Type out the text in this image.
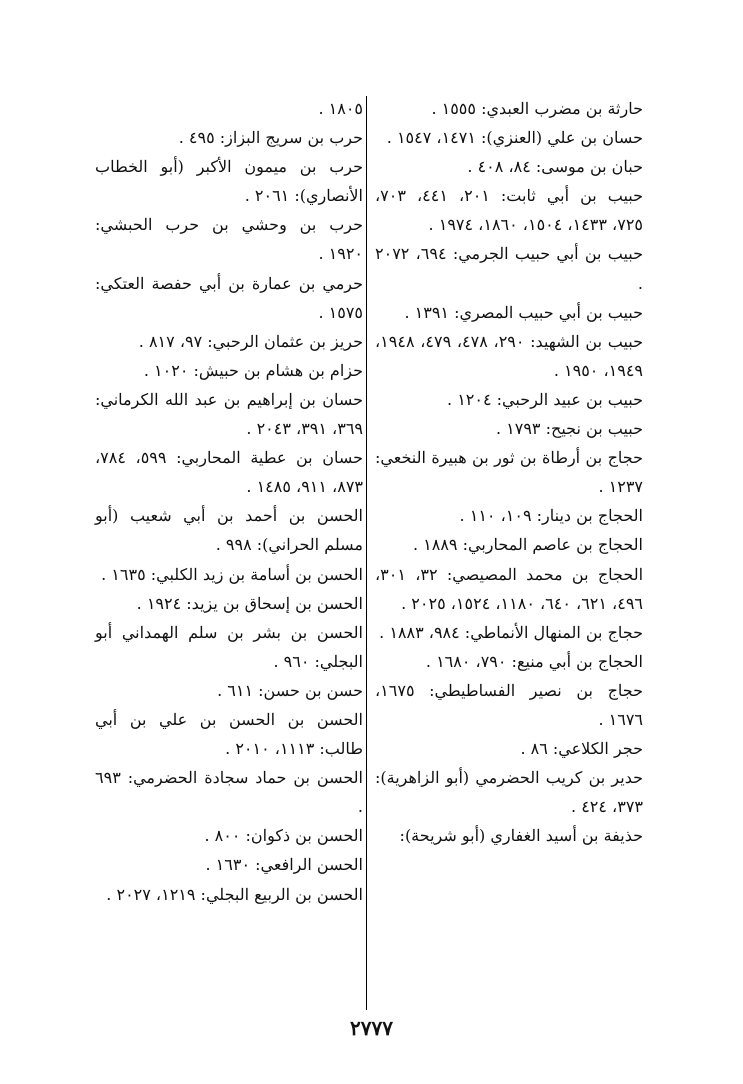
حارثة بن مضرب العبدي: ١٥٥٥ .

حسان بن علي (العنزي): ١٤٧١، ١٥٤٧ .

حبان بن موسى: ٨٤، ٤٠٨ .

حبيب بن أبي ثابت: ٢٠١، ٤٤١، ٧٠٣، ٧٢٥، ١٤٣٣، ١٥٠٤، ١٨٦٠، ١٩٧٤ .

حبيب بن أبي حبيب الجرمي: ٦٩٤، ٢٠٧٢ .

حبيب بن أبي حبيب المصري: ١٣٩١ .

حبيب بن الشهيد: ٢٩٠، ٤٧٨، ٤٧٩، ١٩٤٨، ١٩٤٩، ١٩٥٠ .

حبيب بن عبيد الرحبي: ١٢٠٤ .

حبيب بن نجيح: ١٧٩٣ .

حجاج بن أرطاة بن ثور بن هبيرة النخعي: ١٢٣٧ .

الحجاج بن دينار: ١٠٩، ١١٠ .

الحجاج بن عاصم المحاربي: ١٨٨٩ .

الحجاج بن محمد المصيصي: ٣٢، ٣٠١، ٤٩٦، ٦٢١، ٦٤٠، ١١٨٠، ١٥٢٤، ٢٠٢٥ .

حجاج بن المنهال الأنماطي: ٩٨٤، ١٨٨٣ .

الحجاج بن أبي منيع: ٧٩٠، ١٦٨٠ .

حجاج بن نصير الفساطيطي: ١٦٧٥، ١٦٧٦ .

حجر الكلاعي: ٨٦ .

حدير بن كريب الحضرمي (أبو الزاهرية): ٣٧٣، ٤٢٤ .

حذيفة بن أسيد الغفاري (أبو شريحة):

١٨٠٥ .

حرب بن سريج البزاز: ٤٩٥ .

حرب بن ميمون الأكبر (أبو الخطاب الأنصاري): ٢٠٦١ .

حرب بن وحشي بن حرب الحبشي: ١٩٢٠ .

حرمي بن عمارة بن أبي حفصة العتكي: ١٥٧٥ .

حريز بن عثمان الرحبي: ٩٧، ٨١٧ .

حزام بن هشام بن حبيش: ١٠٢٠ .

حسان بن إبراهيم بن عبد الله الكرماني: ٣٦٩، ٣٩١، ٢٠٤٣ .

حسان بن عطية المحاربي: ٥٩٩، ٧٨٤، ٨٧٣، ٩١١، ١٤٨٥ .

الحسن بن أحمد بن أبي شعيب (أبو مسلم الحراني): ٩٩٨ .

الحسن بن أسامة بن زيد الكلبي: ١٦٣٥ .

الحسن بن إسحاق بن يزيد: ١٩٢٤ .

الحسن بن بشر بن سلم الهمداني أبو البجلي: ٩٦٠ .

حسن بن حسن: ٦١١ .

الحسن بن الحسن بن علي بن أبي طالب: ١١١٣، ٢٠١٠ .

الحسن بن حماد سجادة الحضرمي: ٦٩٣ .

الحسن بن ذكوان: ٨٠٠ .

الحسن الرافعي: ١٦٣٠ .

الحسن بن الربيع البجلي: ١٢١٩، ٢٠٢٧ .

٢٧٧٧
